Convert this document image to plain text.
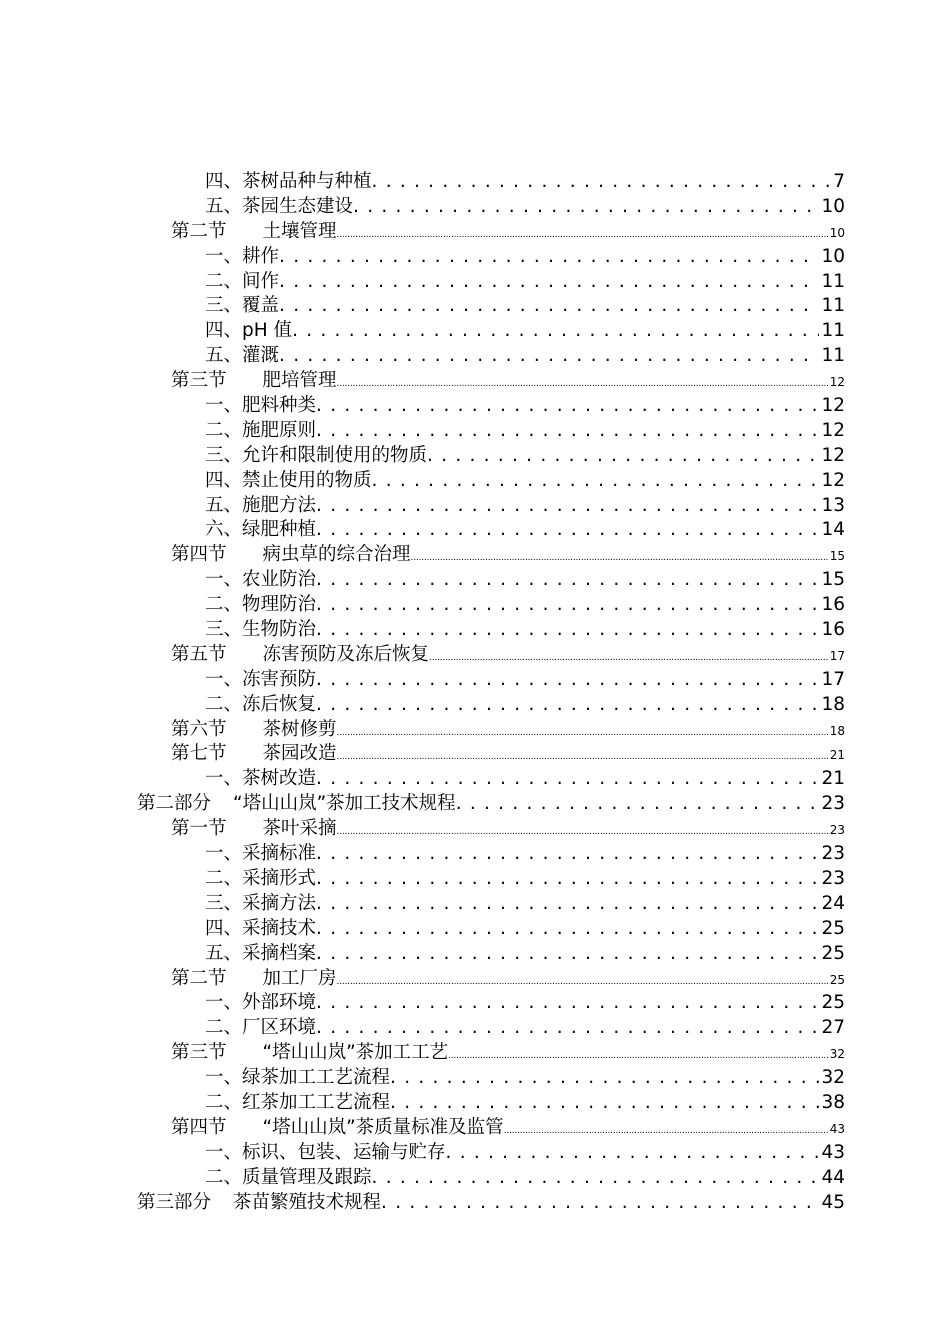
四、 茶树品种与种植 . . .	7
五、 茶园生态建设 . . .	10
第二节 土壤管理 .....	10
一、 耕作 . . .	10
二、 间作 . . .	11
三、 覆盖 . . .	11
四、 pH 值 . . .	11
五、 灌溉 . . .	11
第三节 肥培管理 .....	12
一、 肥料种类 . . .	12
二、 施肥原则 . . .	12
三、 允许和限制使用的物质 . . .	12
四、 禁止使用的物质 . . .	12
五、 施肥方法 . . .	13
六、 绿肥种植 . . .	14
第四节 病虫草的综合治理 .....	15
一、 农业防治 . . .	15
二、 物理防治 . . .	16
三、 生物防治 . . .	16
第五节 冻害预防及冻后恢复 .....	17
一、 冻害预防 . . .	17
二、 冻后恢复 . . .	18
第六节 茶树修剪 .....	18
第七节 茶园改造 .....	21
一、 茶树改造 . . .	21
第二部分 “塔山山岚”茶加工技术规程 . . .	23
第一节 茶叶采摘 .....	23
一、 采摘标准 . . .	23
二、 采摘形式 . . .	23
三、 采摘方法 . . .	24
四、 采摘技术 . . .	25
五、 采摘档案 . . .	25
第二节 加工厂房 .....	25
一、 外部环境 . . .	25
二、 厂区环境 . . .	27
第三节 “塔山山岚”茶加工工艺 .....	32
一、 绿茶加工工艺流程 . . .	32
二、 红茶加工工艺流程 . . .	38
第四节 “塔山山岚”茶质量标准及监管 .....	43
一、 标识、包装、运输与贮存 . . .	43
二、 质量管理及跟踪 . . .	44
第三部分 茶苗繁殖技术规程 . . .	45
